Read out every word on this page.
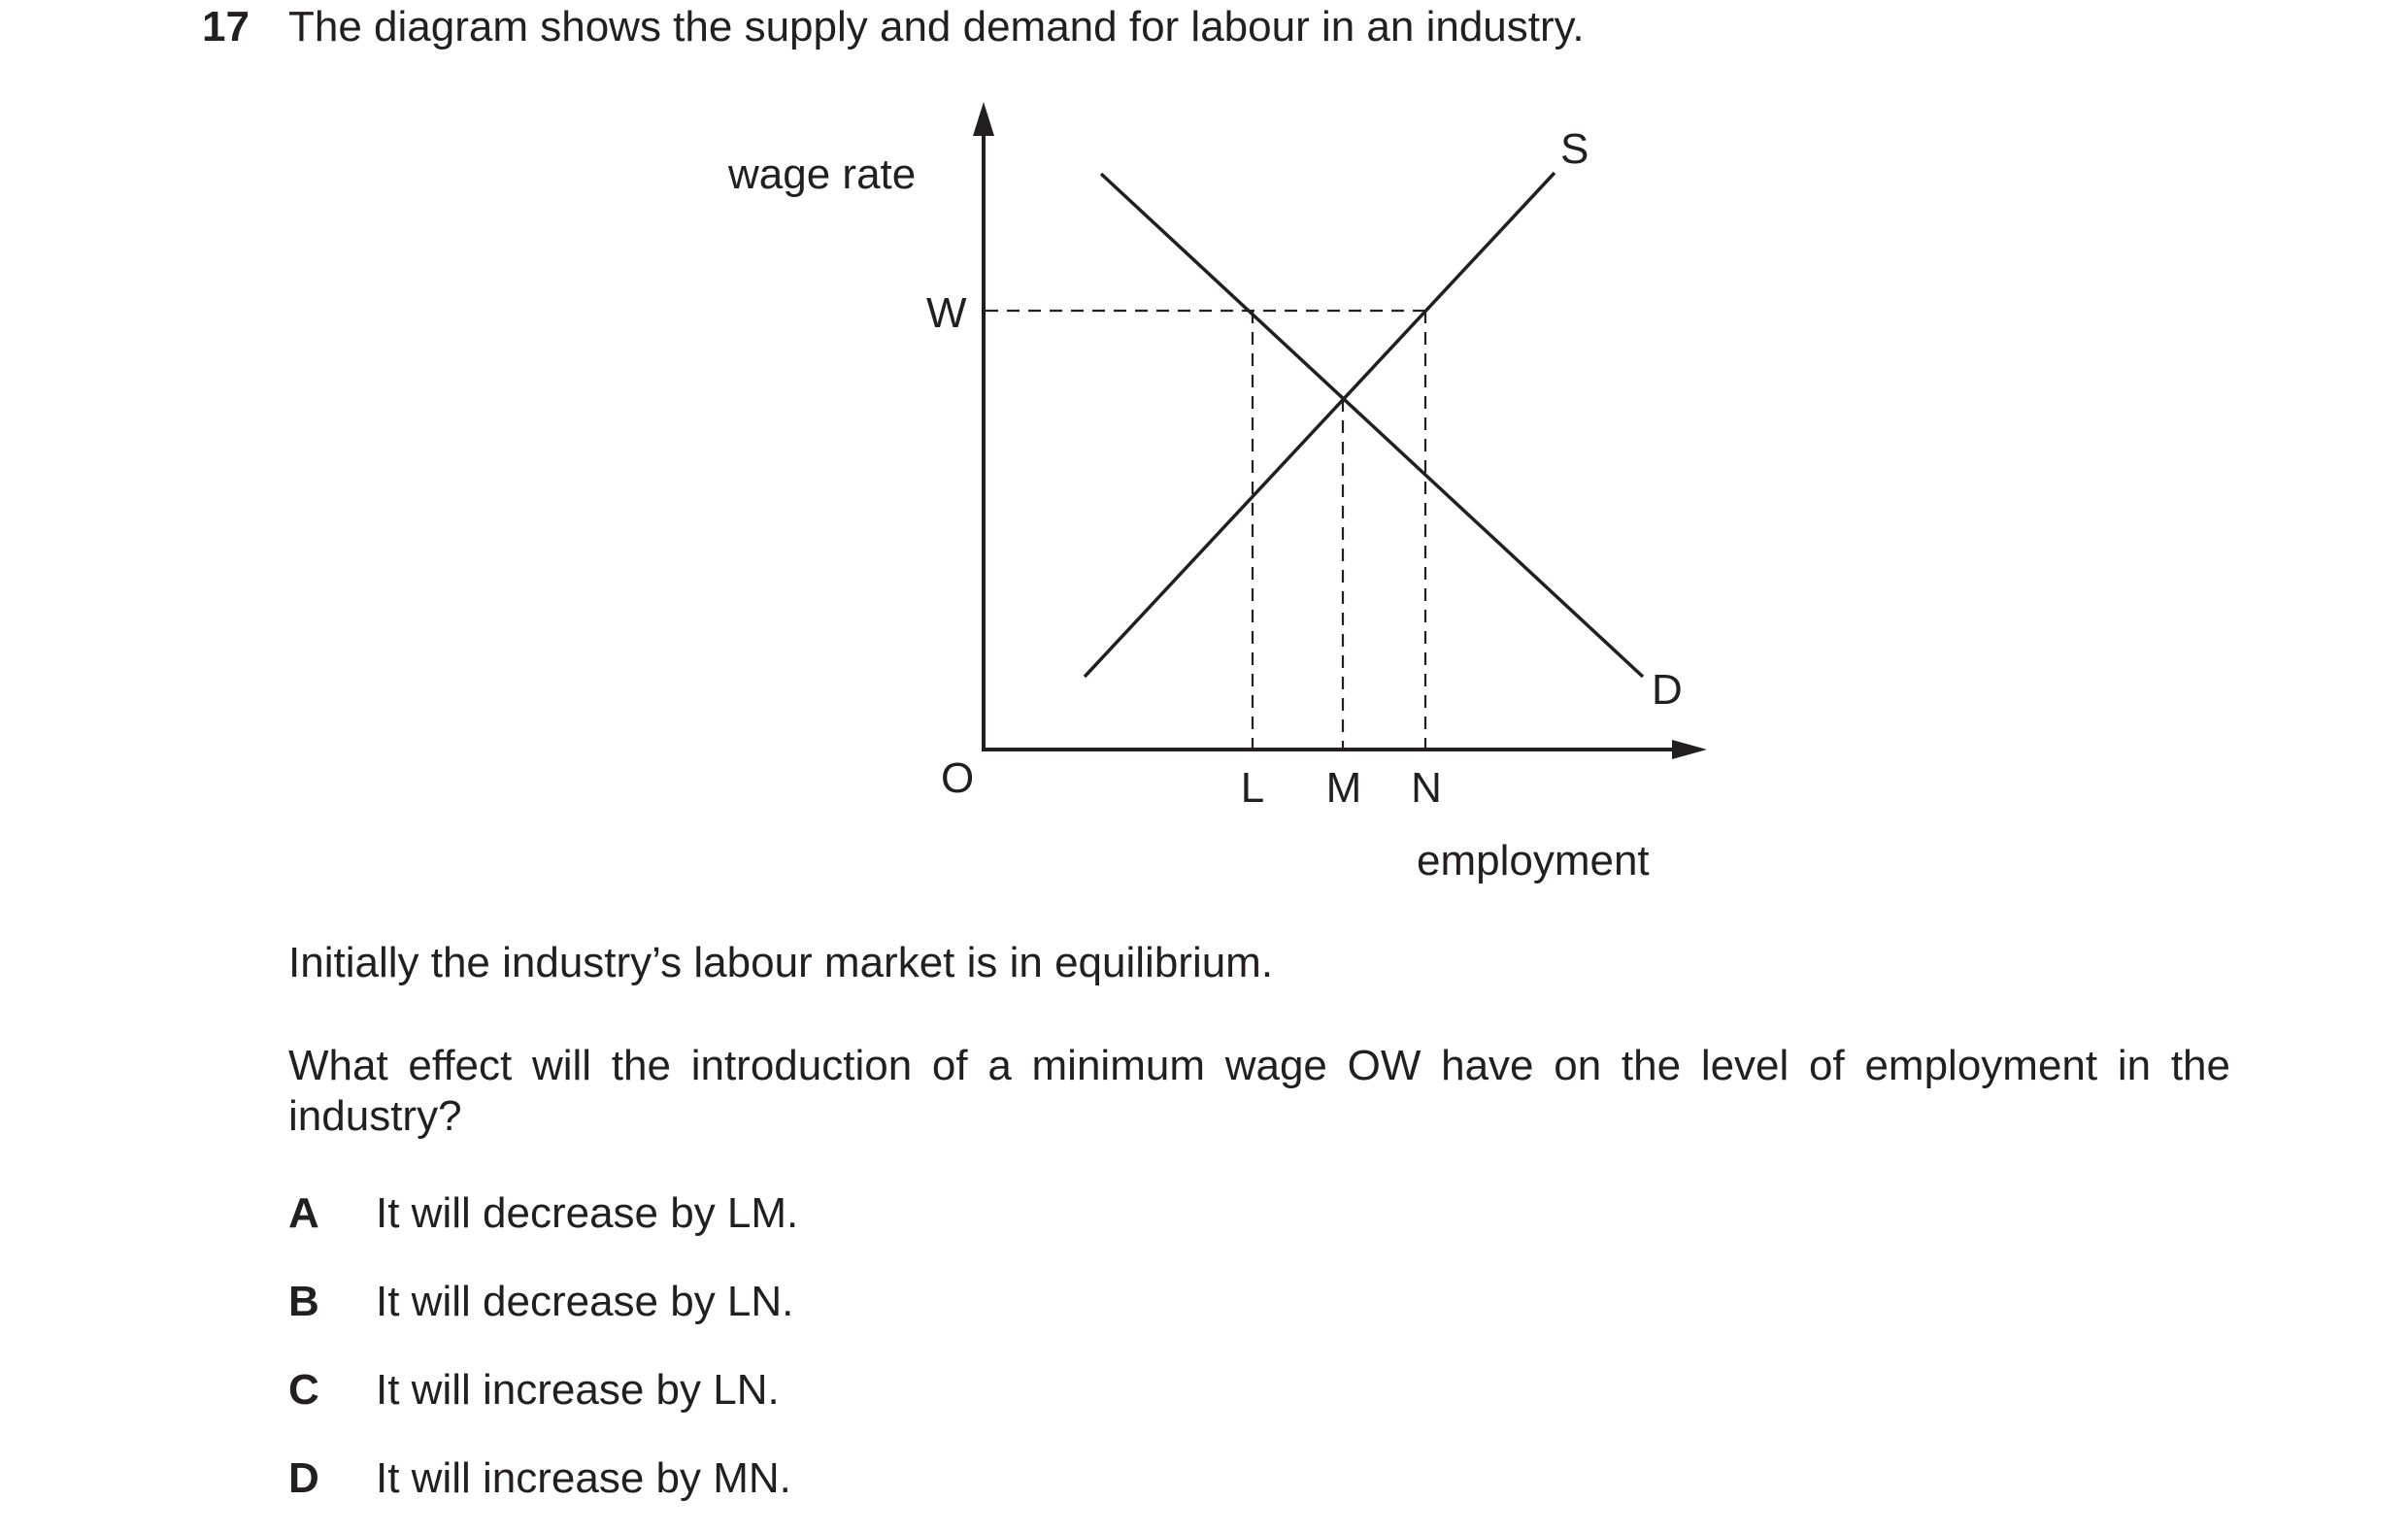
17 The diagram shows the supply and demand for labour in an industry.
wage rate
W
S
D
O	L M N
employment

Initially the industry’s labour market is in equilibrium.

What effect will the introduction of a minimum wage OW have on the level of employment in the industry?

A It will decrease by LM.
B It will decrease by LN.
C It will increase by LN.
D It will increase by MN.
